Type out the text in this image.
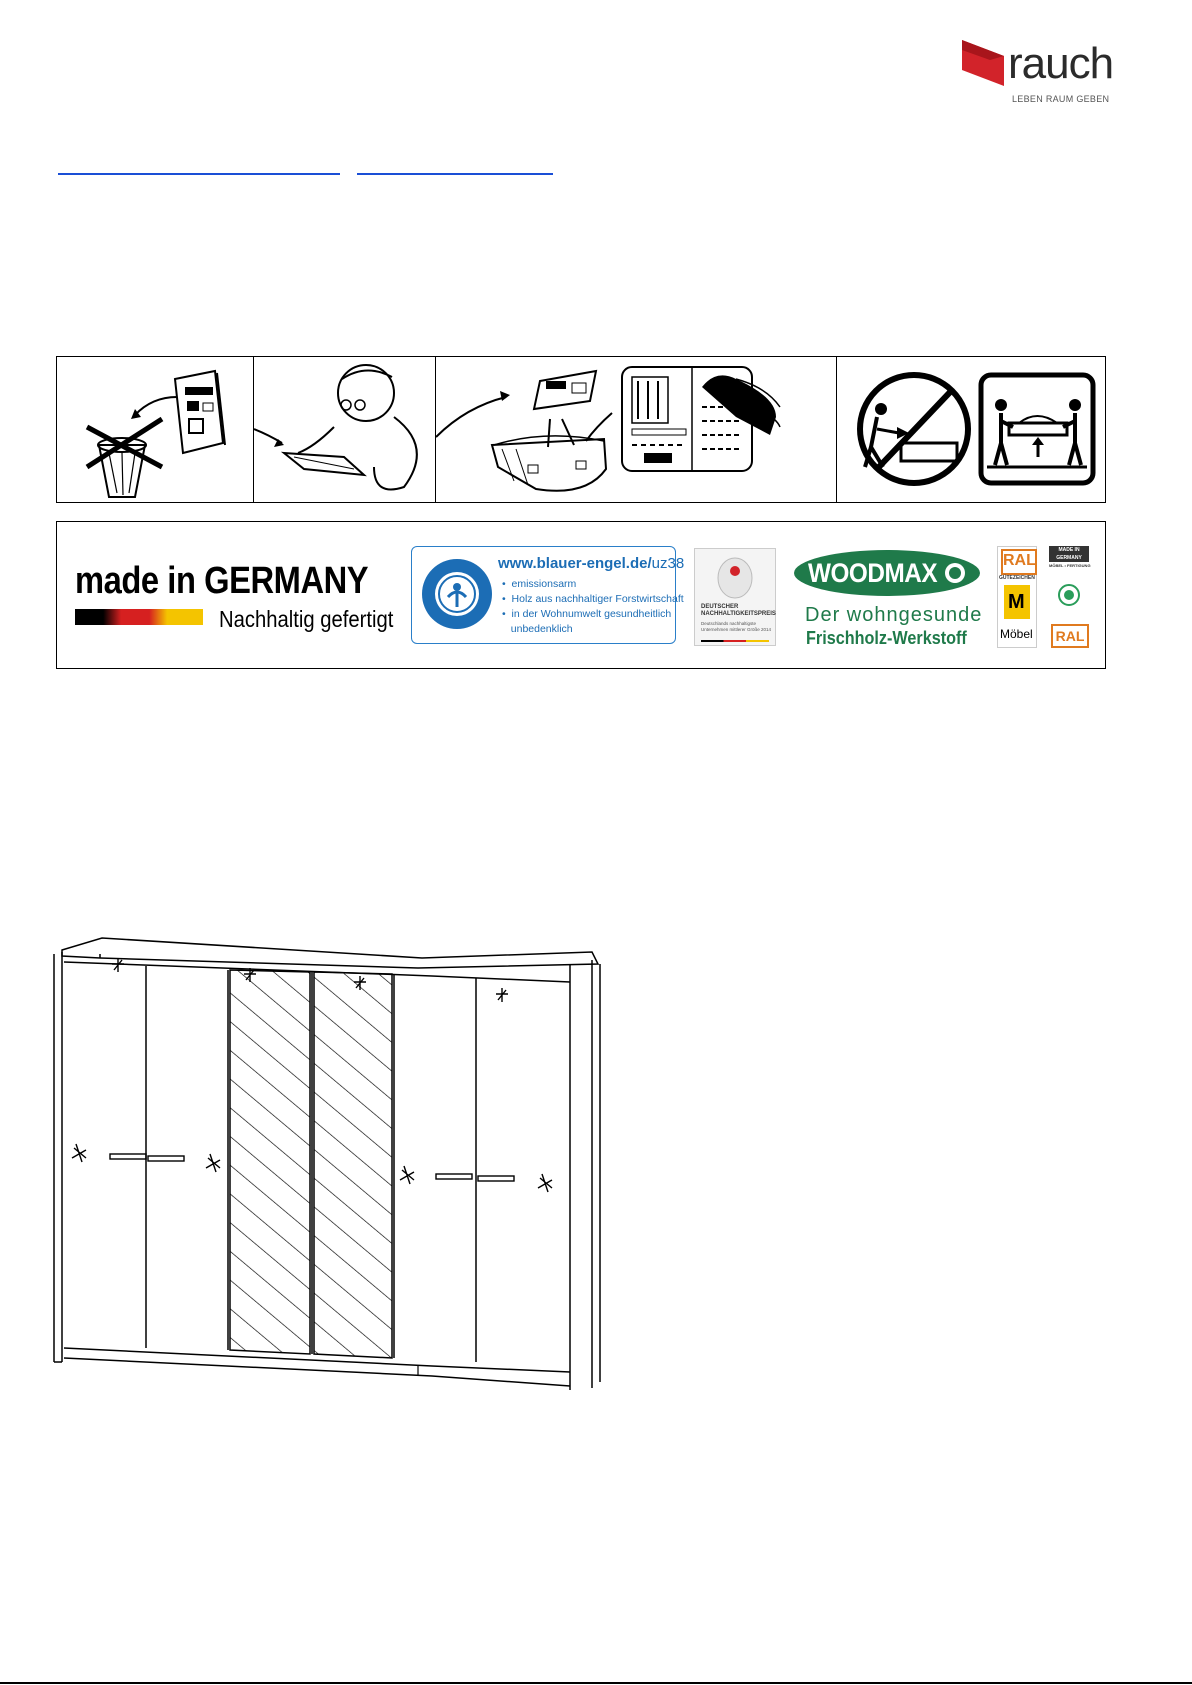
rauch
LEBEN RAUM GEBEN
made in GERMANY
Nachhaltig gefertigt
www.blauer-engel.de/uz38
•  emissionsarm
•  Holz aus nachhaltiger Forstwirtschaft
•  in der Wohnumwelt gesundheitlich
unbedenklich
DEUTSCHER
NACHHALTIGKEITSPREIS
Deutschlands nachhaltigste
Unternehmen mittlerer Größe 2014
WOODMAX
Der wohngesunde
Frischholz-Werkstoff
RAL
GÜTEZEICHEN
M
Möbel
MADE IN GERMANY
MÖBEL • FERTIGUNG
RAL
